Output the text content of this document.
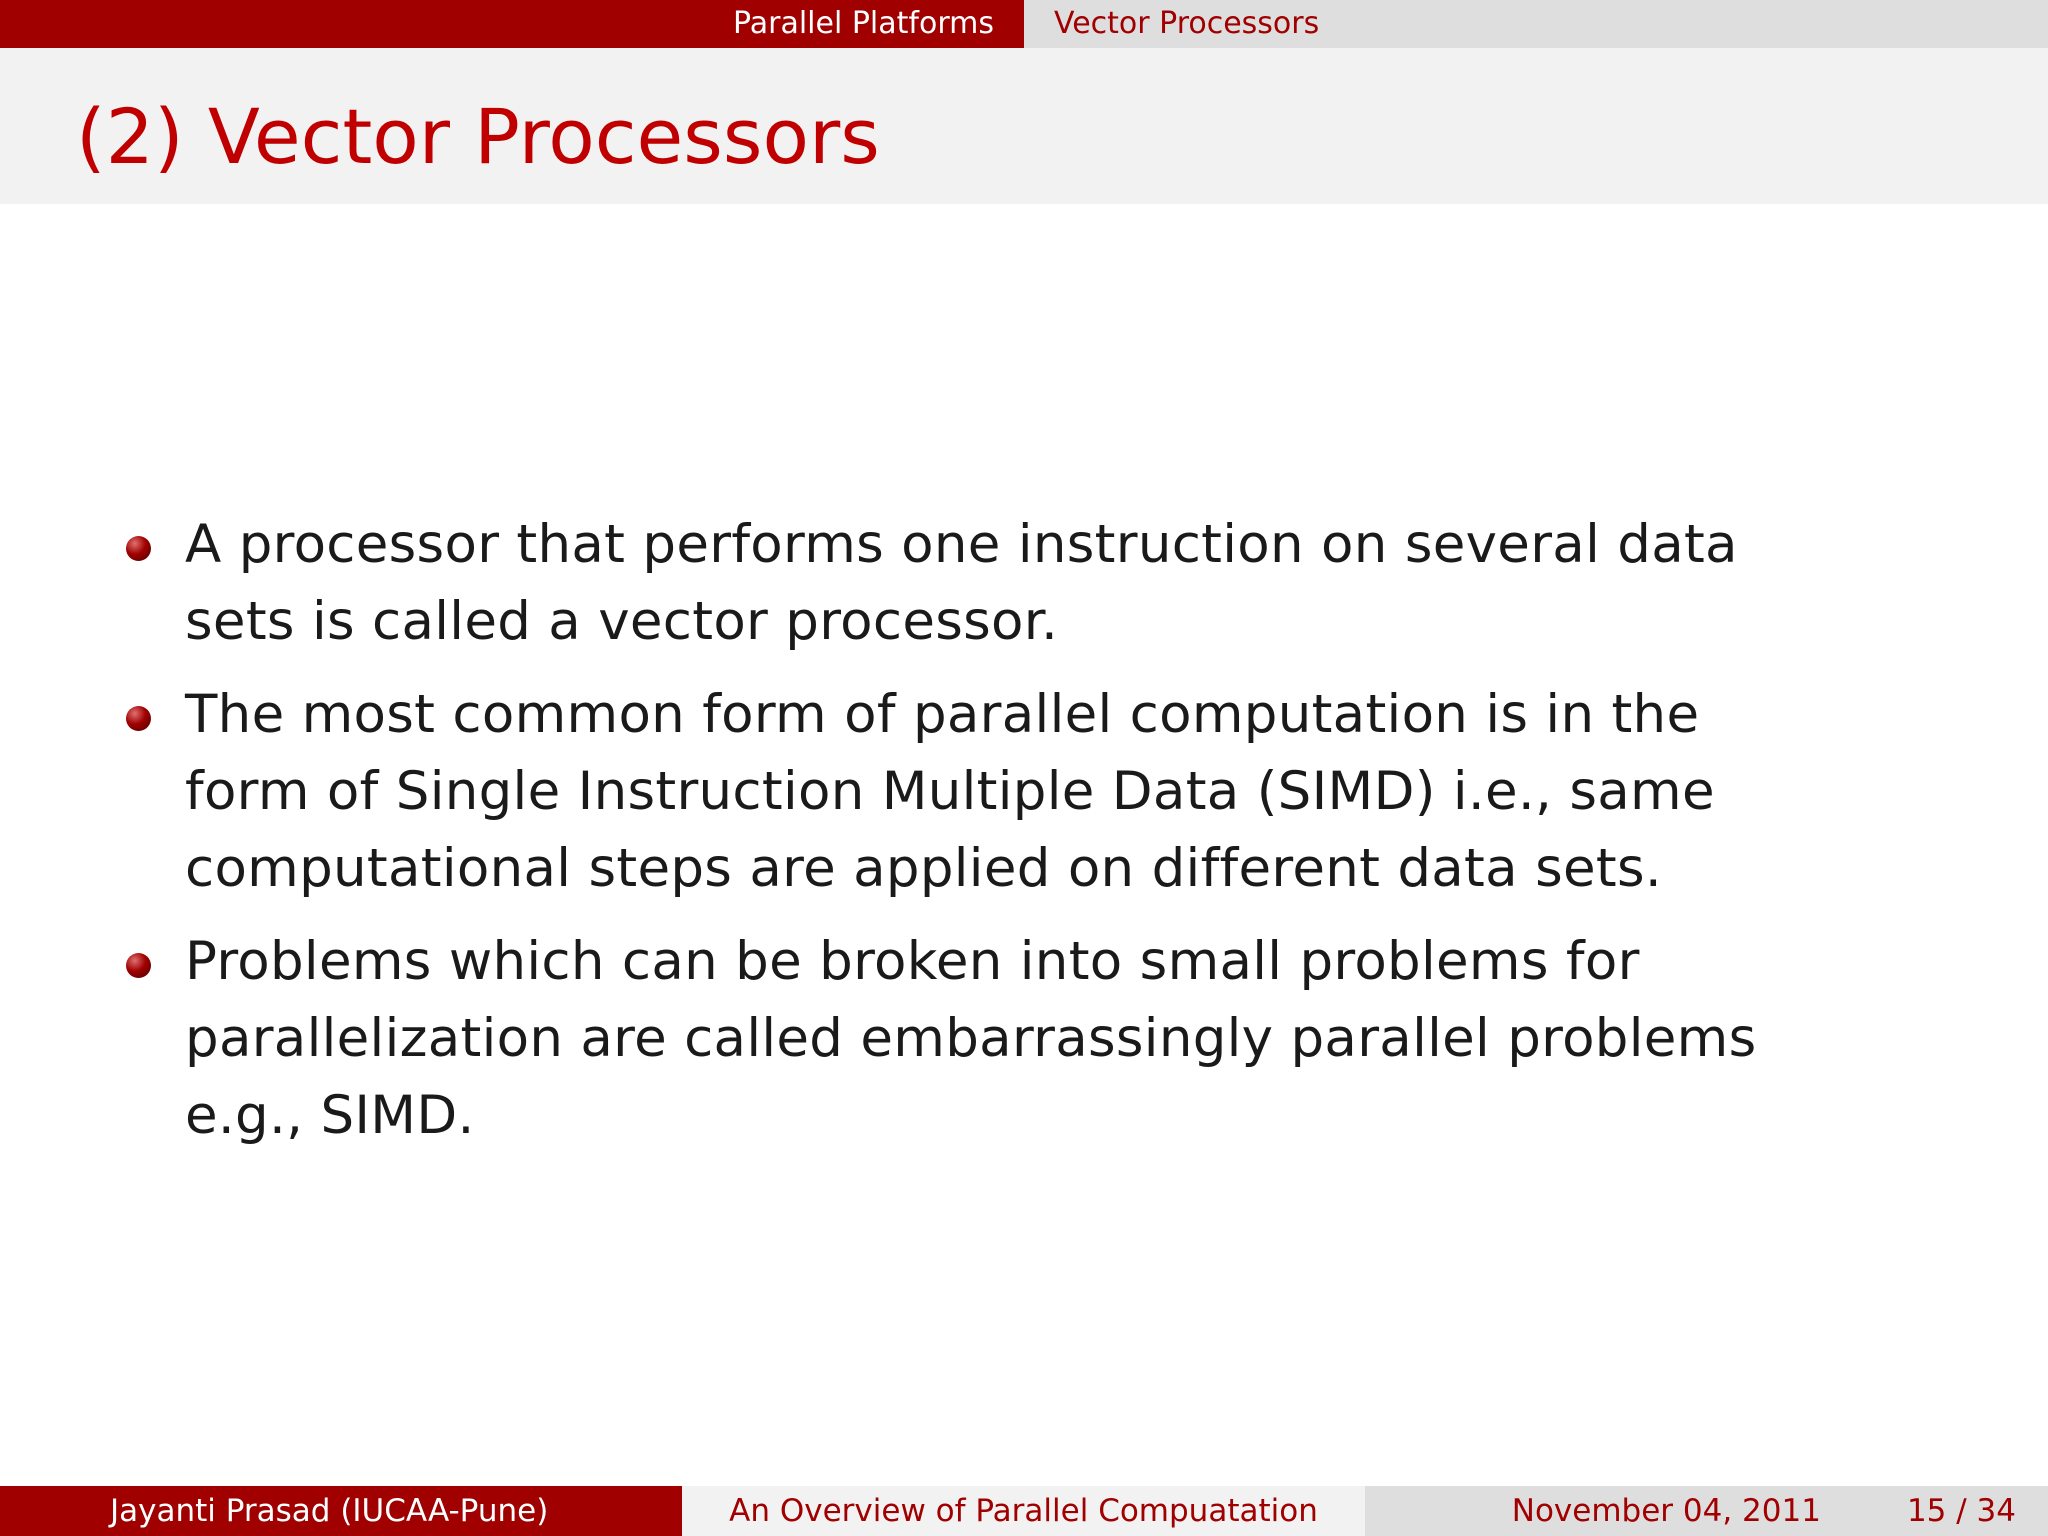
Parallel Platforms Vector Processors
(2) Vector Processors
A processor that performs one instruction on several data sets is called a vector processor.
The most common form of parallel computation is in the form of Single Instruction Multiple Data (SIMD) i.e., same computational steps are applied on different data sets.
Problems which can be broken into small problems for parallelization are called embarrassingly parallel problems e.g., SIMD.
Jayanti Prasad (IUCAA-Pune)	An Overview of Parallel Compuatation	November 04, 2011	15 / 34
